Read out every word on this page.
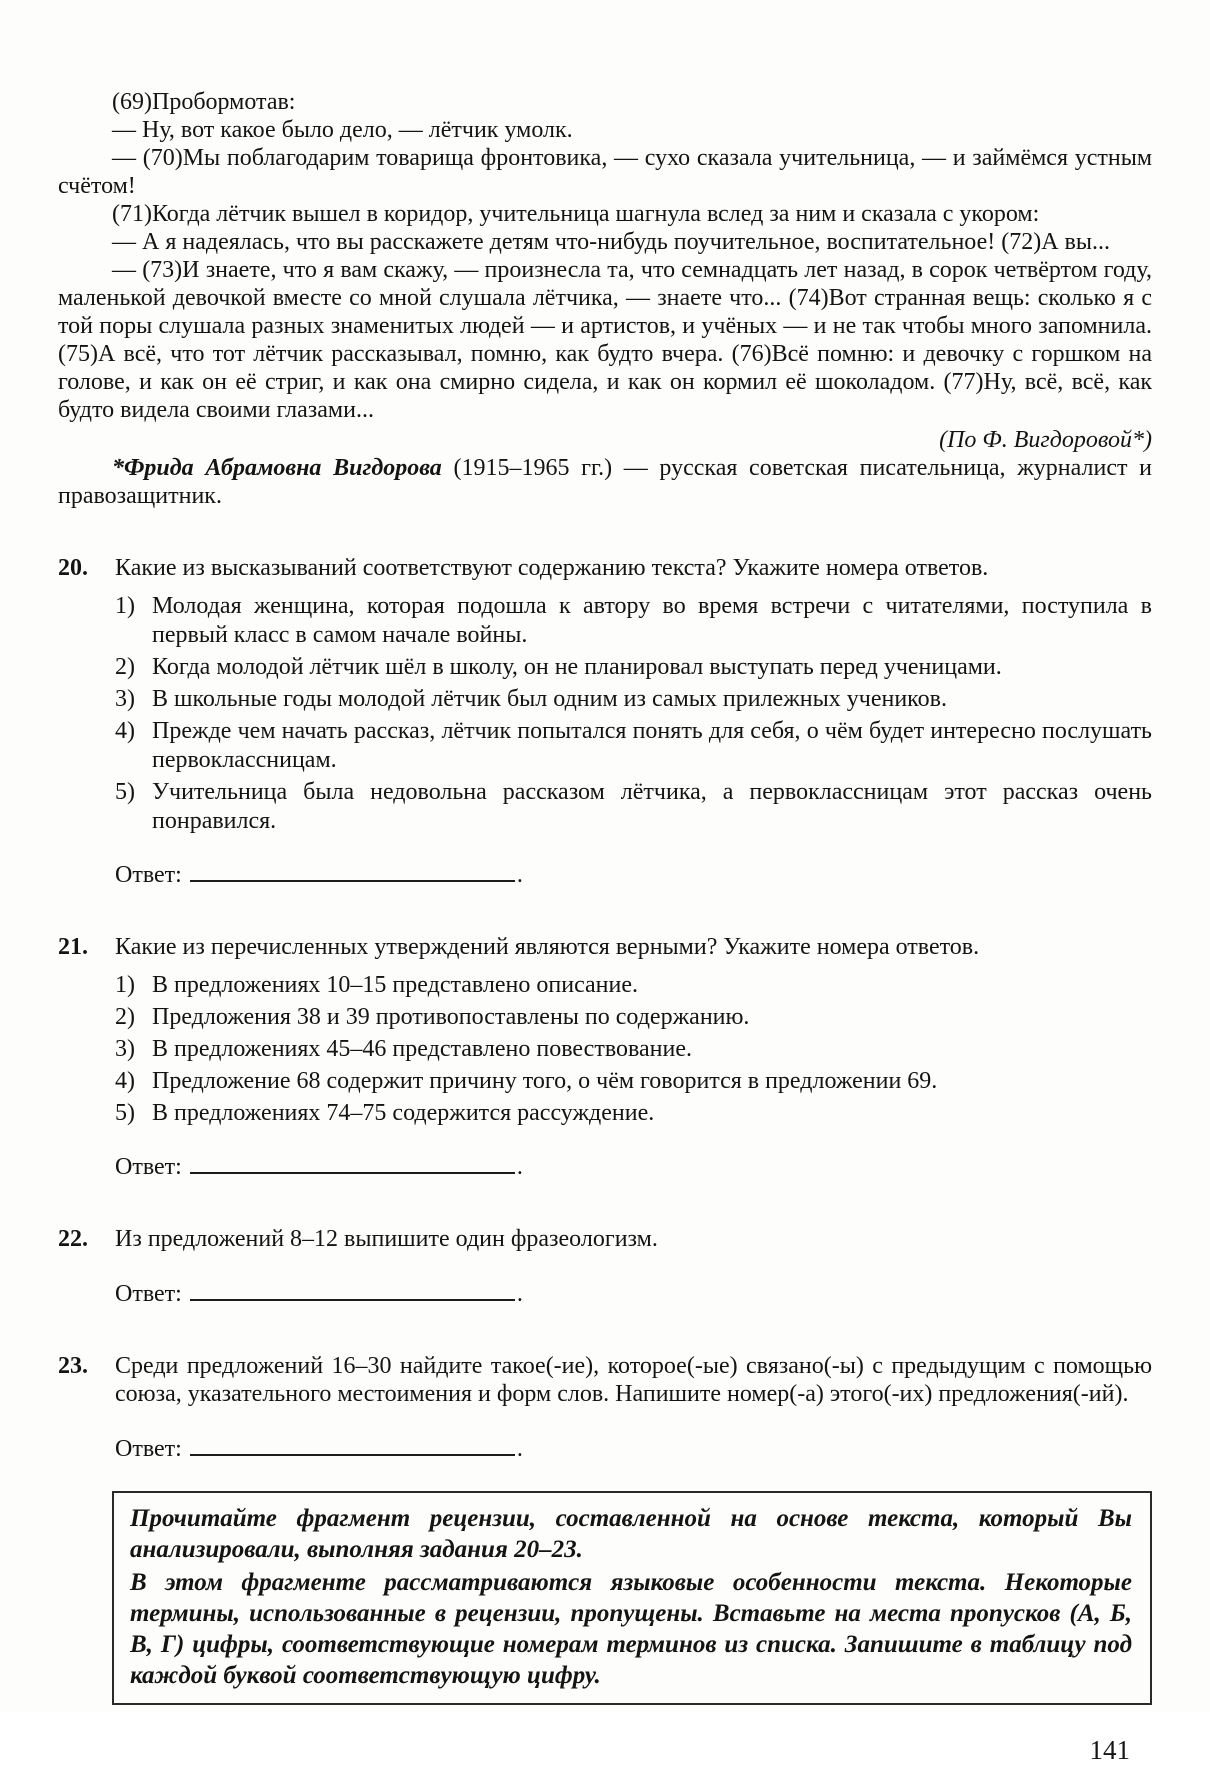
(69)Пробормотав:

— Ну, вот какое было дело, — лётчик умолк.

— (70)Мы поблагодарим товарища фронтовика, — сухо сказала учительница, — и займёмся устным счётом!

(71)Когда лётчик вышел в коридор, учительница шагнула вслед за ним и сказала с укором:

— А я надеялась, что вы расскажете детям что-нибудь поучительное, воспитательное! (72)А вы...

— (73)И знаете, что я вам скажу, — произнесла та, что семнадцать лет назад, в сорок четвёртом году, маленькой девочкой вместе со мной слушала лётчика, — знаете что... (74)Вот странная вещь: сколько я с той поры слушала разных знаменитых людей — и артистов, и учёных — и не так чтобы много запомнила. (75)А всё, что тот лётчик рассказывал, помню, как будто вчера. (76)Всё помню: и девочку с горшком на голове, и как он её стриг, и как она смирно сидела, и как он кормил её шоколадом. (77)Ну, всё, всё, как будто видела своими глазами...

(По Ф. Вигдоровой*)

*Фрида Абрамовна Вигдорова (1915–1965 гг.) — русская советская писательница, журналист и правозащитник.

20.	Какие из высказываний соответствуют содержанию текста? Укажите номера ответов.

1) Молодая женщина, которая подошла к автору во время встречи с читателями, поступила в первый класс в самом начале войны.
2) Когда молодой лётчик шёл в школу, он не планировал выступать перед ученицами.
3) В школьные годы молодой лётчик был одним из самых прилежных учеников.
4) Прежде чем начать рассказ, лётчик попытался понять для себя, о чём будет интересно послушать первоклассницам.
5) Учительница была недовольна рассказом лётчика, а первоклассницам этот рассказ очень понравился.
Ответ:	.
21.	Какие из перечисленных утверждений являются верными? Укажите номера ответов.

1) В предложениях 10–15 представлено описание.
2) Предложения 38 и 39 противопоставлены по содержанию.
3) В предложениях 45–46 представлено повествование.
4) Предложение 68 содержит причину того, о чём говорится в предложении 69.
5) В предложениях 74–75 содержится рассуждение.
Ответ:	.
22.	Из предложений 8–12 выпишите один фразеологизм.

Ответ:	.
23.	Среди предложений 16–30 найдите такое(-ие), которое(-ые) связано(-ы) с предыдущим с помощью союза, указательного местоимения и форм слов. Напишите номер(-а) этого(-их) предложения(-ий).

Ответ:	.

Прочитайте фрагмент рецензии, составленной на основе текста, который Вы анализировали, выполняя задания 20–23.

В этом фрагменте рассматриваются языковые особенности текста. Некоторые термины, использованные в рецензии, пропущены. Вставьте на места пропусков (А, Б, В, Г) цифры, соответствующие номерам терминов из списка. Запишите в таблицу под каждой буквой соответствующую цифру.

141
